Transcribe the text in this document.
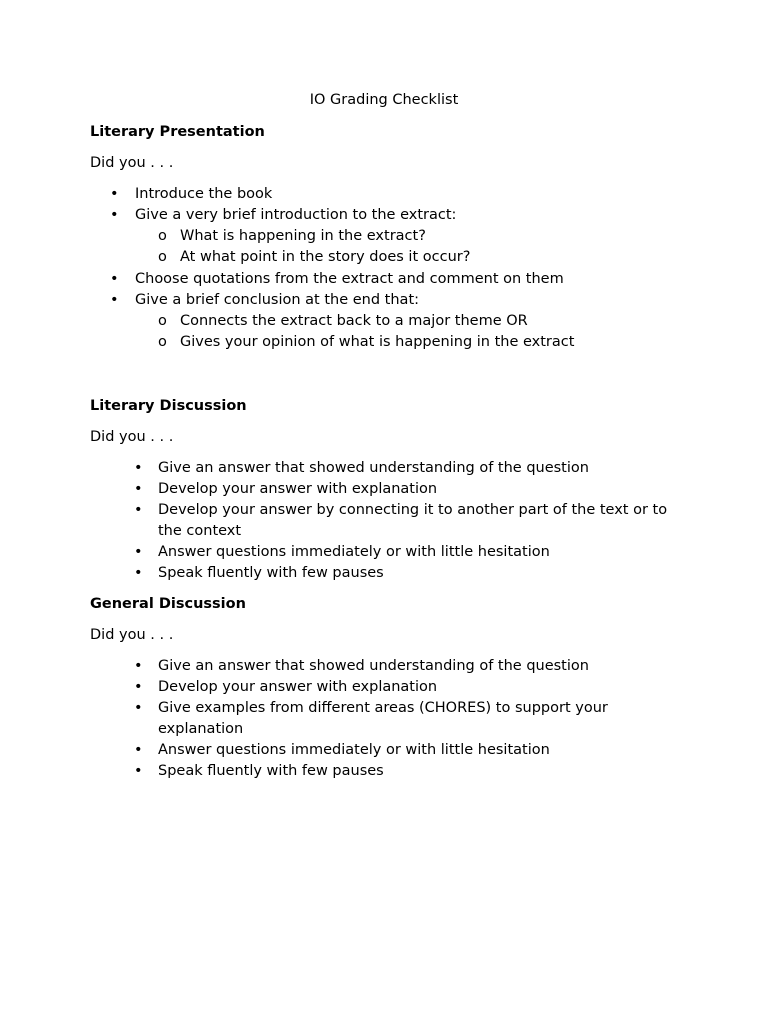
IO Grading Checklist

Literary Presentation

Did you . . .

• Introduce the book
• Give a very brief introduction to the extract:
o What is happening in the extract?
o At what point in the story does it occur?
• Choose quotations from the extract and comment on them
• Give a brief conclusion at the end that:
o Connects the extract back to a major theme OR
o Gives your opinion of what is happening in the extract

Literary Discussion

Did you . . .

• Give an answer that showed understanding of the question
• Develop your answer with explanation
• Develop your answer by connecting it to another part of the text or to the context
• Answer questions immediately or with little hesitation
• Speak fluently with few pauses

General Discussion

Did you . . .

• Give an answer that showed understanding of the question
• Develop your answer with explanation
• Give examples from different areas (CHORES) to support your explanation
• Answer questions immediately or with little hesitation
• Speak fluently with few pauses
